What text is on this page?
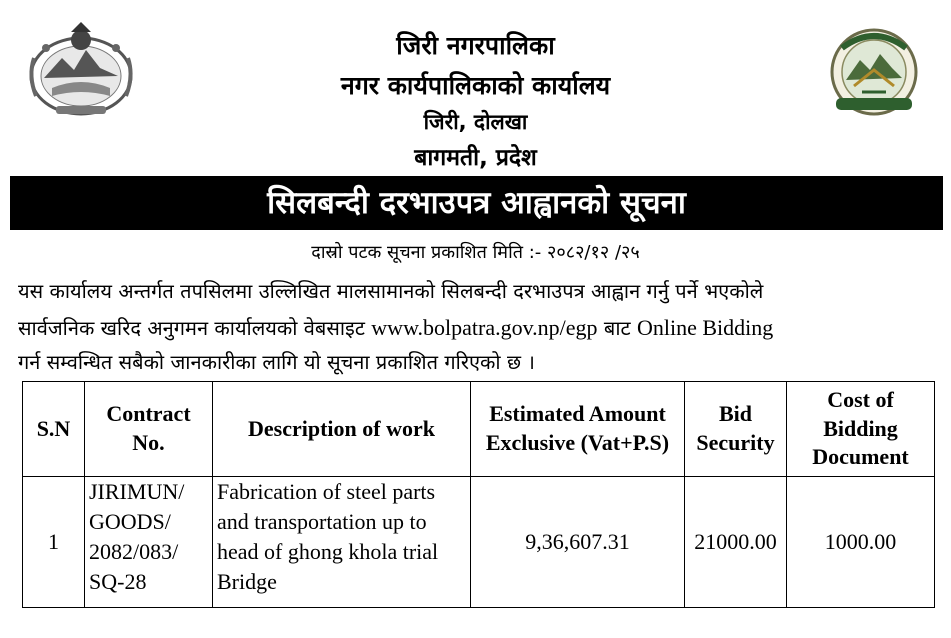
जिरी नगरपालिका
नगर कार्यपालिकाको कार्यालय
जिरी, दोलखा
बागमती, प्रदेश
सिलबन्दी दरभाउपत्र आह्वानको सूचना
दास्रो पटक सूचना प्रकाशित मिति :- २०८२/१२ /२५
यस कार्यालय अन्तर्गत तपसिलमा उल्लिखित मालसामानको सिलबन्दी दरभाउपत्र आह्वान गर्नु पर्ने भएकोले
सार्वजनिक खरिद अनुगमन कार्यालयको वेबसाइट www.bolpatra.gov.np/egp बाट Online Bidding
गर्न सम्वन्धित सबैको जानकारीका लागि यो सूचना प्रकाशित गरिएको छ ।
S.N	Contract No.	Description of work	Estimated Amount Exclusive (Vat+P.S)	Bid Security	Cost of Bidding Document
1	JIRIMUN/ GOODS/ 2082/083/ SQ-28	Fabrication of steel parts and transportation up to head of ghong khola trial Bridge	9,36,607.31	21000.00	1000.00
